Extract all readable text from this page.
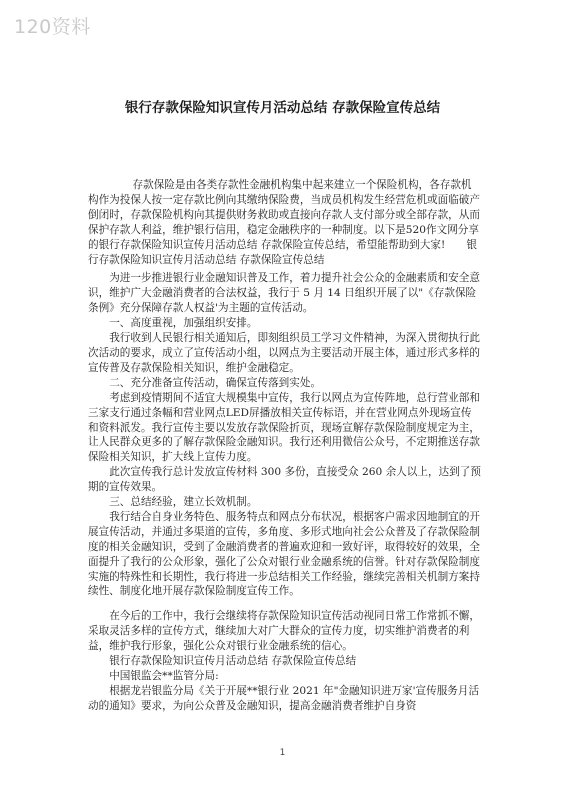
120资料
银行存款保险知识宣传月活动总结 存款保险宣传总结

存款保险是由各类存款性金融机构集中起来建立一个保险机构，各存款机构作为投保人按一定存款比例向其缴纳保险费，当成员机构发生经营危机或面临破产倒闭时，存款保险机构向其提供财务救助或直接向存款人支付部分或全部存款，从而保护存款人利益，维护银行信用，稳定金融秩序的一种制度。以下是520作文网分享的银行存款保险知识宣传月活动总结 存款保险宣传总结，希望能帮助到大家!　　银行存款保险知识宣传月活动总结 存款保险宣传总结

为进一步推进银行业金融知识普及工作，着力提升社会公众的金融素质和安全意识，维护广大金融消费者的合法权益，我行于 5 月 14 日组织开展了以"《存款保险条例》充分保障存款人权益'为主题的宣传活动。

一、高度重视，加强组织安排。

我行收到人民银行相关通知后，即刻组织员工学习文件精神，为深入贯彻执行此次活动的要求，成立了宣传活动小组，以网点为主要活动开展主体，通过形式多样的宣传普及存款保险相关知识，维护金融稳定。

二、充分准备宣传活动，确保宣传落到实处。

考虑到疫情期间不适宜大规模集中宣传，我行以网点为宣传阵地，总行营业部和三家支行通过条幅和营业网点LED屏播放相关宣传标语，并在营业网点外现场宣传和资料派发。我行宣传主要以发放存款保险折页，现场宣解存款保险制度规定为主，让人民群众更多的了解存款保险金融知识。我行还利用微信公众号，不定期推送存款保险相关知识，扩大线上宣传力度。

此次宣传我行总计发放宣传材料 300 多份，直接受众 260 余人以上，达到了预期的宣传效果。

三、总结经验，建立长效机制。

我行结合自身业务特色、服务特点和网点分布状况，根据客户需求因地制宜的开展宣传活动，并通过多渠道的宣传，多角度、多形式地向社会公众普及了存款保险制度的相关金融知识，受到了金融消费者的普遍欢迎和一致好评，取得较好的效果，全面提升了我行的公众形象，强化了公众对银行业金融系统的信誉。针对存款保险制度实施的特殊性和长期性，我行将进一步总结相关工作经验，继续完善相关机制方案持续性、制度化地开展存款保险制度宣传工作。

在今后的工作中，我行会继续将存款保险知识宣传活动视同日常工作常抓不懈，采取灵活多样的宣传方式，继续加大对广大群众的宣传力度，切实维护消费者的利益，维护我行形象，强化公众对银行业金融系统的信心。

银行存款保险知识宣传月活动总结 存款保险宣传总结

中国银监会**监管分局:

根据龙岩银监分局《关于开展**银行业 2021 年"金融知识进万家'宣传服务月活动的通知》要求，为向公众普及金融知识，提高金融消费者维护自身资

1
